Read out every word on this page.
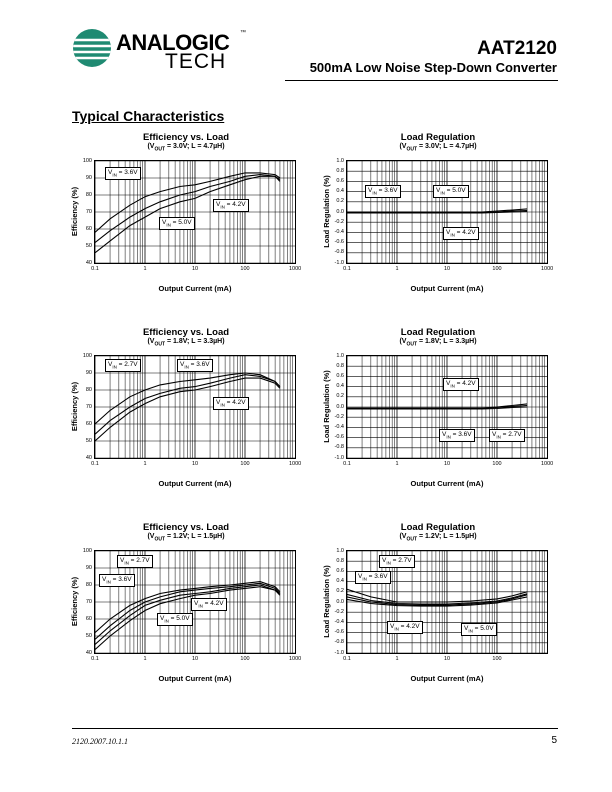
ANALOGIC ™
TECH
AAT2120
500mA Low Noise Step-Down Converter
Typical Characteristics
Efficiency vs. Load
($V_{OUT} = 3.0V$; L = 4.7µH)
40
50
60
70
80
90
100
0.1	1	10	100	1000
Efficiency (%)
Output Current (mA)
$V_{IN} = 3.6V$
$V_{IN} = 4.2V$
$V_{IN} = 5.0V$
Load Regulation
($V_{OUT} = 3.0V$; L = 4.7µH)
-1.0
-0.8
-0.6
-0.4
-0.2
0.0
0.2
0.4
0.6
0.8
1.0
0.1	1	10	100	1000
Load Regulation (%)
Output Current (mA)
$V_{IN} = 3.6V$	$V_{IN} = 5.0V$
$V_{IN} = 4.2V$
Efficiency vs. Load
($V_{OUT} = 1.8V$; L = 3.3µH)
40
50
60
70
80
90
100
0.1	1	10	100	1000
Efficiency (%)
Output Current (mA)
$V_{IN} = 2.7V$	$V_{IN} = 3.6V$
$V_{IN} = 4.2V$
Load Regulation
($V_{OUT} = 1.8V$; L = 3.3µH)
-1.0
-0.8
-0.6
-0.4
-0.2
0.0
0.2
0.4
0.6
0.8
1.0
0.1	1	10	100	1000
Load Regulation (%)
Output Current (mA)
$V_{IN} = 4.2V$
$V_{IN} = 3.6V$	$V_{IN} = 2.7V$
Efficiency vs. Load
($V_{OUT} = 1.2V$; L = 1.5µH)
40
50
60
70
80
90
100
0.1	1	10	100	1000
Efficiency (%)
Output Current (mA)
$V_{IN} = 2.7V$
$V_{IN} = 3.6V$
$V_{IN} = 4.2V$
$V_{IN} = 5.0V$
Load Regulation
($V_{OUT} = 1.2V$; L = 1.5µH)
-1.0
-0.8
-0.6
-0.4
-0.2
0.0
0.2
0.4
0.6
0.8
1.0
0.1	1	10	100
Load Regulation (%)
Output Current (mA)
$V_{IN} = 2.7V$
$V_{IN} = 3.6V$
$V_{IN} = 4.2V$	$V_{IN} = 5.0V$
2120.2007.10.1.1	5
